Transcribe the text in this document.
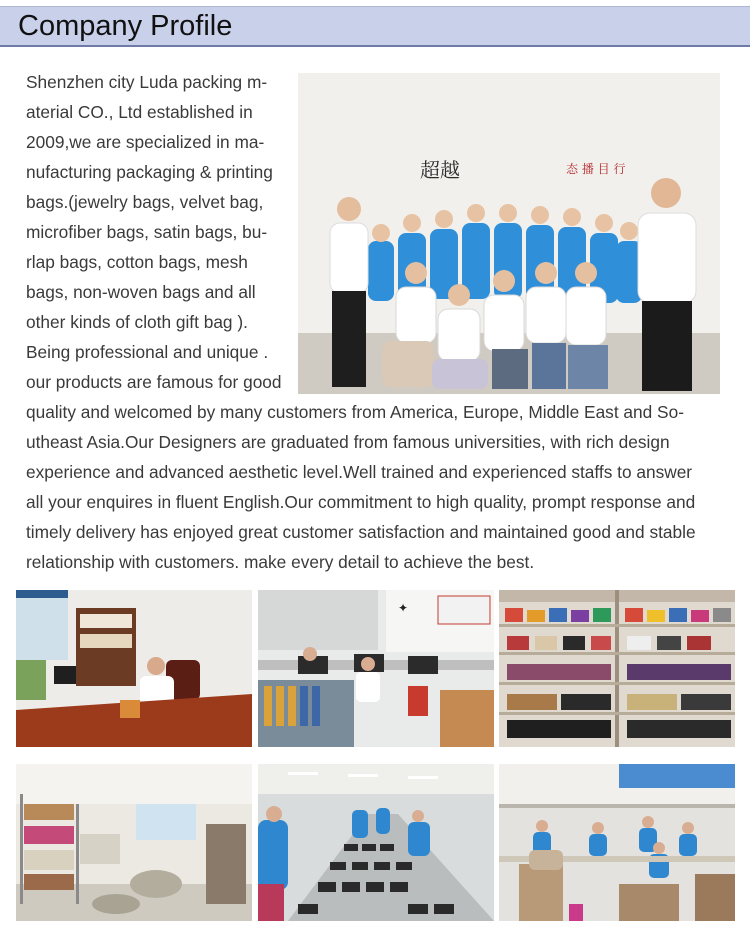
Company Profile
Shenzhen city Luda packing m-
aterial CO., Ltd established in
2009,we are specialized in ma-
nufacturing packaging & printing
bags.(jewelry bags, velvet bag,
microfiber bags, satin bags, bu-
rlap bags, cotton bags, mesh
bags, non-woven bags and all
other kinds of cloth gift bag ).
Being professional and unique .
our products are famous for good
quality and welcomed by many customers from America, Europe, Middle East and So-
utheast Asia.Our Designers are graduated from famous universities, with rich design
experience and advanced aesthetic level.Well trained and experienced staffs to answer
all your enquires in fluent English.Our commitment to high quality, prompt response and
timely delivery has enjoyed great customer satisfaction and maintained good and stable
relationship with customers. make every detail to achieve the best.
超越	态 播 目 行
✦
